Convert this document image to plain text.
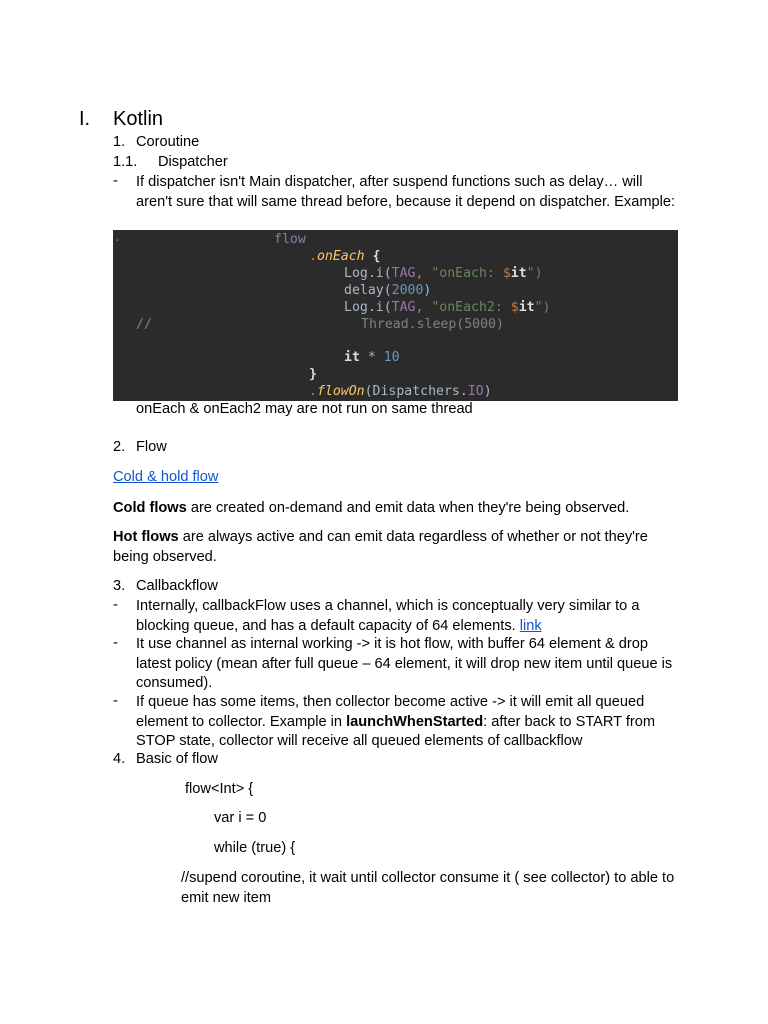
I. Kotlin
1. Coroutine
1.1. Dispatcher
- If dispatcher isn't Main dispatcher, after suspend functions such as delay… will aren't sure that will same thread before, because it depend on dispatcher. Example:
-	flow
.onEach {
Log.i(TAG, "onEach: $it")
delay(2000)
Log.i(TAG, "onEach2: $it")
//	Thread.sleep(5000)
it * 10
}
.flowOn(Dispatchers.IO)
onEach & onEach2 may are not run on same thread
2. Flow
Cold & hold flow
Cold flows are created on-demand and emit data when they're being observed.
Hot flows are always active and can emit data regardless of whether or not they're being observed.
3. Callbackflow
- Internally, callbackFlow uses a channel, which is conceptually very similar to a blocking queue, and has a default capacity of 64 elements. link
- It use channel as internal working -> it is hot flow, with buffer 64 element & drop latest policy (mean after full queue – 64 element, it will drop new item until queue is consumed).
- If queue has some items, then collector become active -> it will emit all queued element to collector. Example in launchWhenStarted: after back to START from STOP state, collector will receive all queued elements of callbackflow
4. Basic of flow
flow<Int> {
var i = 0
while (true) {
//supend coroutine, it wait until collector consume it ( see collector) to able to emit new item
